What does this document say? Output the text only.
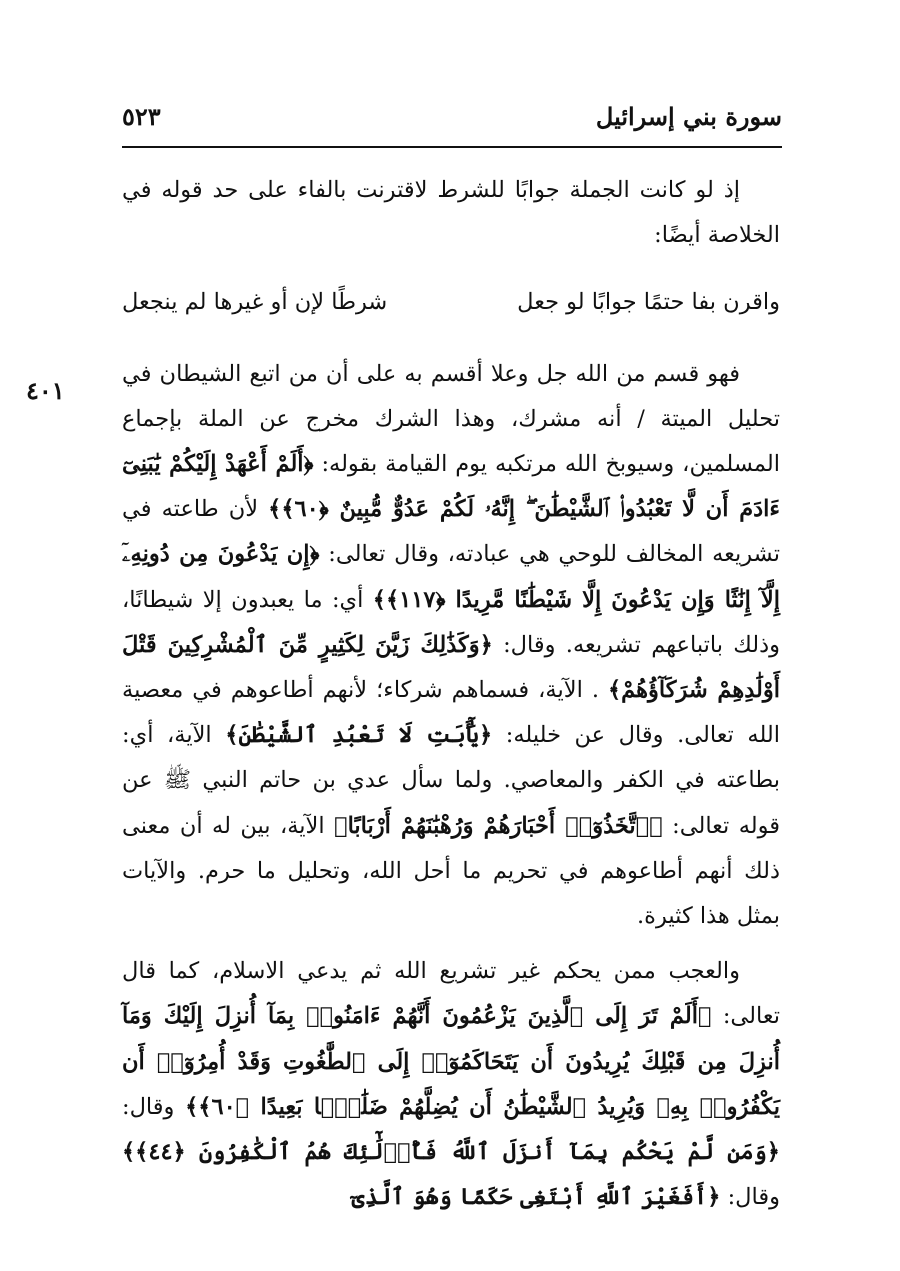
سورة بني إسرائيل
٥٢٣
٤٠١

إذ لو كانت الجملة جوابًا للشرط لاقترنت بالفاء على حد قوله في الخلاصة أيضًا:

واقرن بفا حتمًا جوابًا لو جعل
شرطًا لإن أو غيرها لم ينجعل

فهو قسم من الله جل وعلا أقسم به على أن من اتبع الشيطان في تحليل الميتة / أنه مشرك، وهذا الشرك مخرج عن الملة بإجماع المسلمين، وسيوبخ الله مرتكبه يوم القيامة بقوله: ﴿أَلَمْ أَعْهَدْ إِلَيْكُمْ يَٰبَنِىٓ ءَادَمَ أَن لَّا تَعْبُدُوا۟ ٱلشَّيْطَٰنَ ۖ إِنَّهُۥ لَكُمْ عَدُوٌّ مُّبِينٌ ﴿٦٠﴾﴾ لأن طاعته في تشريعه المخالف للوحي هي عبادته، وقال تعالى: ﴿إِن يَدْعُونَ مِن دُونِهِۦٓ إِلَّآ إِنَٰثًا وَإِن يَدْعُونَ إِلَّا شَيْطَٰنًا مَّرِيدًا ﴿١١٧﴾﴾ أي: ما يعبدون إلا شيطانًا، وذلك باتباعهم تشريعه. وقال: ﴿وَكَذَٰلِكَ زَيَّنَ لِكَثِيرٍ مِّنَ ٱلْمُشْرِكِينَ قَتْلَ أَوْلَٰدِهِمْ شُرَكَآؤُهُمْ﴾ . الآية، فسماهم شركاء؛ لأنهم أطاعوهم في معصية الله تعالى. وقال عن خليله: ﴿يَٰٓأَبَتِ لَا تَعْبُدِ ٱلشَّيْطَٰنَ﴾ الآية، أي: بطاعته في الكفر والمعاصي. ولما سأل عدي بن حاتم النبي ﷺ عن قوله تعالى: ﴿ٱتَّخَذُوٓا۟ أَحْبَارَهُمْ وَرُهْبَٰنَهُمْ أَرْبَابًا﴾ الآية، بين له أن معنى ذلك أنهم أطاعوهم في تحريم ما أحل الله، وتحليل ما حرم. والآيات بمثل هذا كثيرة.

والعجب ممن يحكم غير تشريع الله ثم يدعي الاسلام، كما قال تعالى: ﴿أَلَمْ تَرَ إِلَى ٱلَّذِينَ يَزْعُمُونَ أَنَّهُمْ ءَامَنُوا۟ بِمَآ أُنزِلَ إِلَيْكَ وَمَآ أُنزِلَ مِن قَبْلِكَ يُرِيدُونَ أَن يَتَحَاكَمُوٓا۟ إِلَى ٱلطَّٰغُوتِ وَقَدْ أُمِرُوٓا۟ أَن يَكْفُرُوا۟ بِهِۦ وَيُرِيدُ ٱلشَّيْطَٰنُ أَن يُضِلَّهُمْ ضَلَٰلًۢا بَعِيدًا ﴿٦٠﴾﴾ وقال: ﴿وَمَن لَّمْ يَحْكُم بِمَآ أَنزَلَ ٱللَّهُ فَأُو۟لَٰٓئِكَ هُمُ ٱلْكَٰفِرُونَ ﴿٤٤﴾﴾ وقال: ﴿أَفَغَيْرَ ٱللَّهِ أَبْتَغِى حَكَمًا وَهُوَ ٱلَّذِىٓ
